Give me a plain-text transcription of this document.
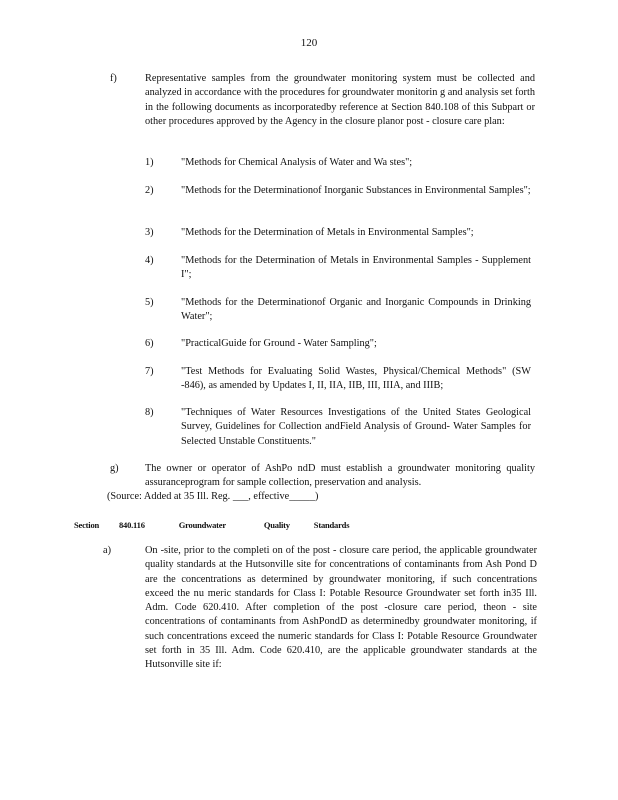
120
f)	Representative samples from the groundwater monitoring system must be collected and analyzed in accordance with the procedures for groundwater monitorin g and analysis set forth in the following documents as incorporatedby reference at Section 840.108 of this Subpart or other procedures approved by the Agency in the closure planor post - closure care plan:
1)	"Methods for Chemical Analysis of Water and Wa stes";
2)	"Methods for the Determinationof Inorganic Substances in Environmental Samples";
3)	"Methods for the Determination of Metals in Environmental Samples";
4)	"Methods for the Determination of Metals in Environmental Samples - Supplement I";
5)	"Methods for the Determinationof Organic and Inorganic Compounds in Drinking Water";
6)	"PracticalGuide for Ground - Water Sampling";
7)	"Test Methods for Evaluating Solid Wastes, Physical/Chemical Methods" (SW -846), as amended by Updates I, II, IIA, IIB, III, IIIA, and IIIB;
8)	"Techniques of Water Resources Investigations of the United States Geological Survey, Guidelines for Collection andField Analysis of Ground- Water Samples for Selected Unstable Constituents."
g)	The owner or operator of AshPo ndD must establish a groundwater monitoring quality assuranceprogram for sample collection, preservation and analysis.
(Source: Added at 35 Ill. Reg. ___, effective_____)
Section 840.116	Groundwater	Quality	Standards
a)	On -site, prior to the completi on of the post - closure care period, the applicable groundwater quality standards at the Hutsonville site for concentrations of contaminants from Ash Pond D are the concentrations as determined by groundwater monitoring, if such concentrations exceed the nu meric standards for Class I: Potable Resource Groundwater set forth in35 Ill. Adm. Code 620.410. After completion of the post -closure care period, theon - site concentrations of contaminants from AshPondD as determinedby groundwater monitoring, if such concentrations exceed the numeric standards for Class I: Potable Resource Groundwater set forth in 35 Ill. Adm. Code 620.410, are the applicable groundwater standards at the Hutsonville site if:
